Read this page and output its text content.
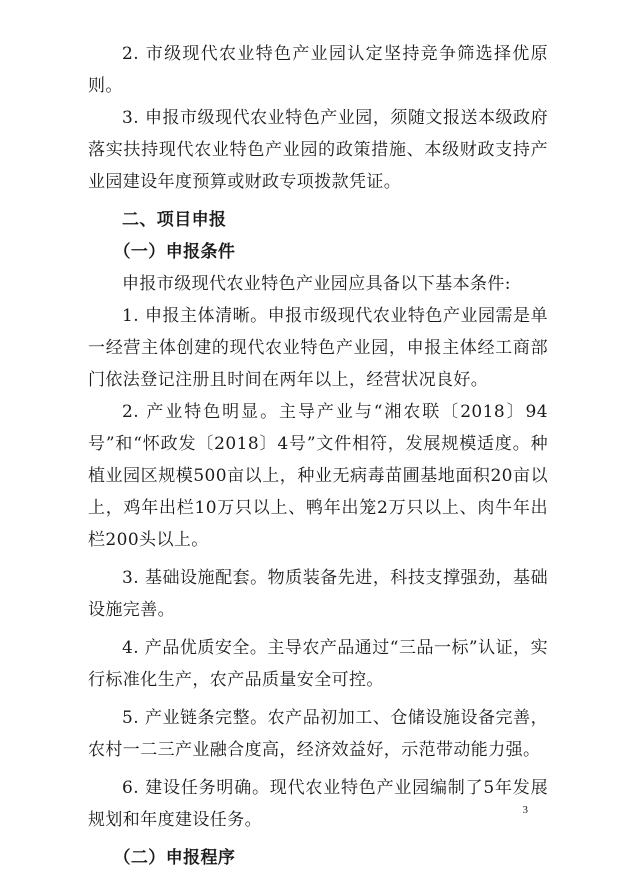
2. 市级现代农业特色产业园认定坚持竞争筛选择优原则。

3. 申报市级现代农业特色产业园，须随文报送本级政府落实扶持现代农业特色产业园的政策措施、本级财政支持产业园建设年度预算或财政专项拨款凭证。

二、项目申报

（一）申报条件

申报市级现代农业特色产业园应具备以下基本条件:

1. 申报主体清晰。申报市级现代农业特色产业园需是单一经营主体创建的现代农业特色产业园，申报主体经工商部门依法登记注册且时间在两年以上，经营状况良好。

2. 产业特色明显。主导产业与“湘农联〔2018〕94号”和“怀政发〔2018〕4号”文件相符，发展规模适度。种植业园区规模500亩以上，种业无病毒苗圃基地面积20亩以上，鸡年出栏10万只以上、鸭年出笼2万只以上、肉牛年出栏200头以上。

3. 基础设施配套。物质装备先进，科技支撑强劲，基础设施完善。

4. 产品优质安全。主导农产品通过“三品一标”认证，实行标准化生产，农产品质量安全可控。

5. 产业链条完整。农产品初加工、仓储设施设备完善，农村一二三产业融合度高，经济效益好，示范带动能力强。

6. 建设任务明确。现代农业特色产业园编制了5年发展规划和年度建设任务。

（二）申报程序

3
